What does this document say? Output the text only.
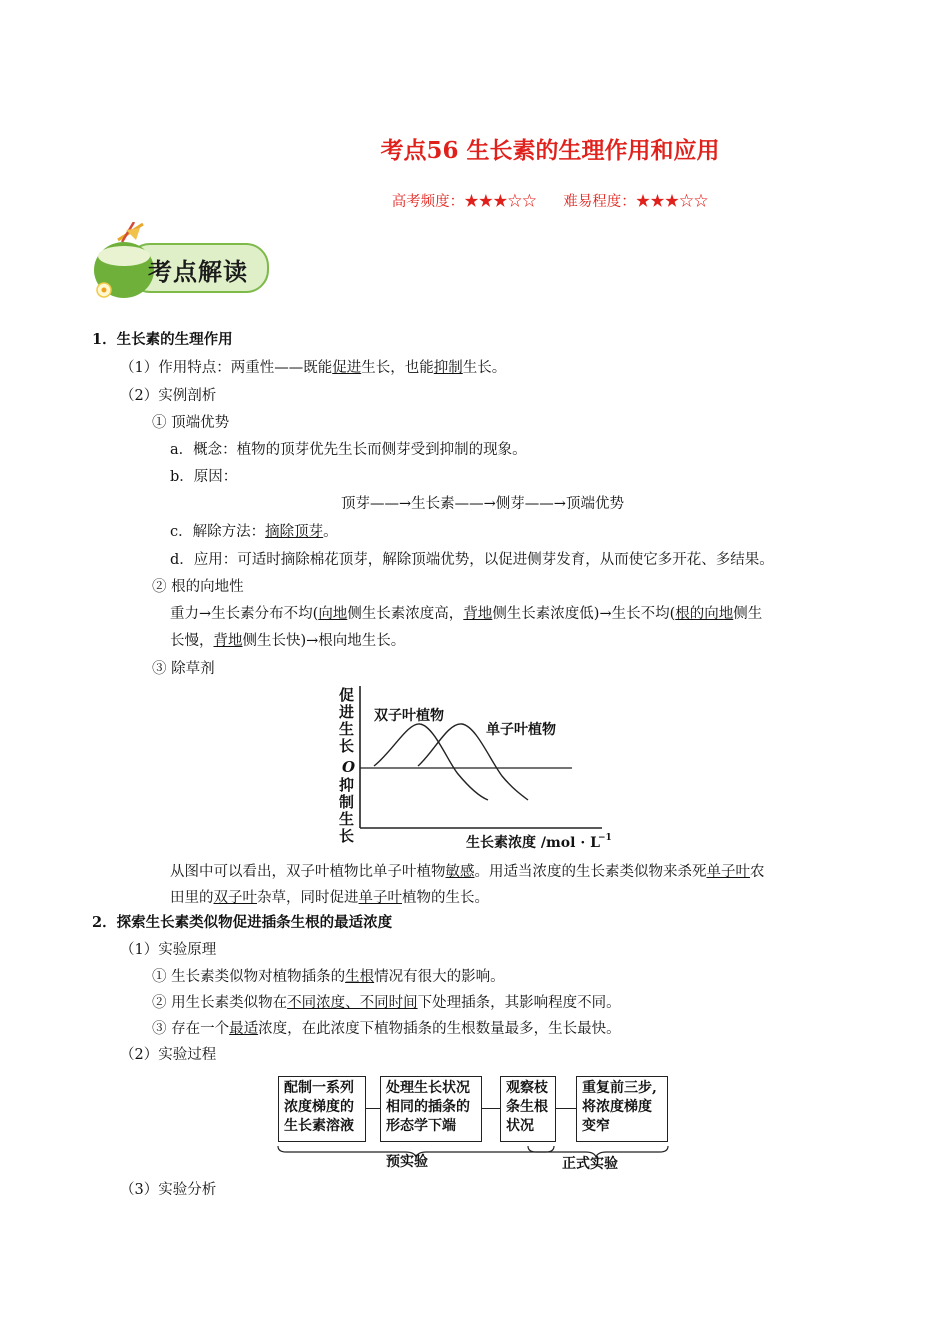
考点56 生长素的生理作用和应用
高考频度：★★★☆☆ 难易程度：★★★☆☆
考点解读
1．生长素的生理作用
（1）作用特点：两重性——既能促进生长，也能抑制生长。
（2）实例剖析
① 顶端优势
a．概念：植物的顶芽优先生长而侧芽受到抑制的现象。
b．原因：
顶芽——→生长素——→侧芽——→顶端优势
c．解除方法：摘除顶芽。
d．应用：可适时摘除棉花顶芽，解除顶端优势，以促进侧芽发育，从而使它多开花、多结果。
② 根的向地性
重力→生长素分布不均(向地侧生长素浓度高，背地侧生长素浓度低)→生长不均(根的向地侧生
长慢，背地侧生长快)→根向地生长。
③ 除草剂
促
进
生
长
O
抑
制
生
长
双子叶植物
单子叶植物
生长素浓度 /mol · L
−1
从图中可以看出，双子叶植物比单子叶植物敏感。用适当浓度的生长素类似物来杀死单子叶农
田里的双子叶杂草，同时促进单子叶植物的生长。
2．探索生长素类似物促进插条生根的最适浓度
（1）实验原理
① 生长素类似物对植物插条的生根情况有很大的影响。
② 用生长素类似物在不同浓度、不同时间下处理插条，其影响程度不同。
③ 存在一个最适浓度，在此浓度下植物插条的生根数量最多，生长最快。
（2）实验过程
配制一系列
浓度梯度的
生长素溶液
处理生长状况
相同的插条的
形态学下端
观察枝
条生根
状况
重复前三步,
将浓度梯度
变窄
预实验	正式实验
（3）实验分析
